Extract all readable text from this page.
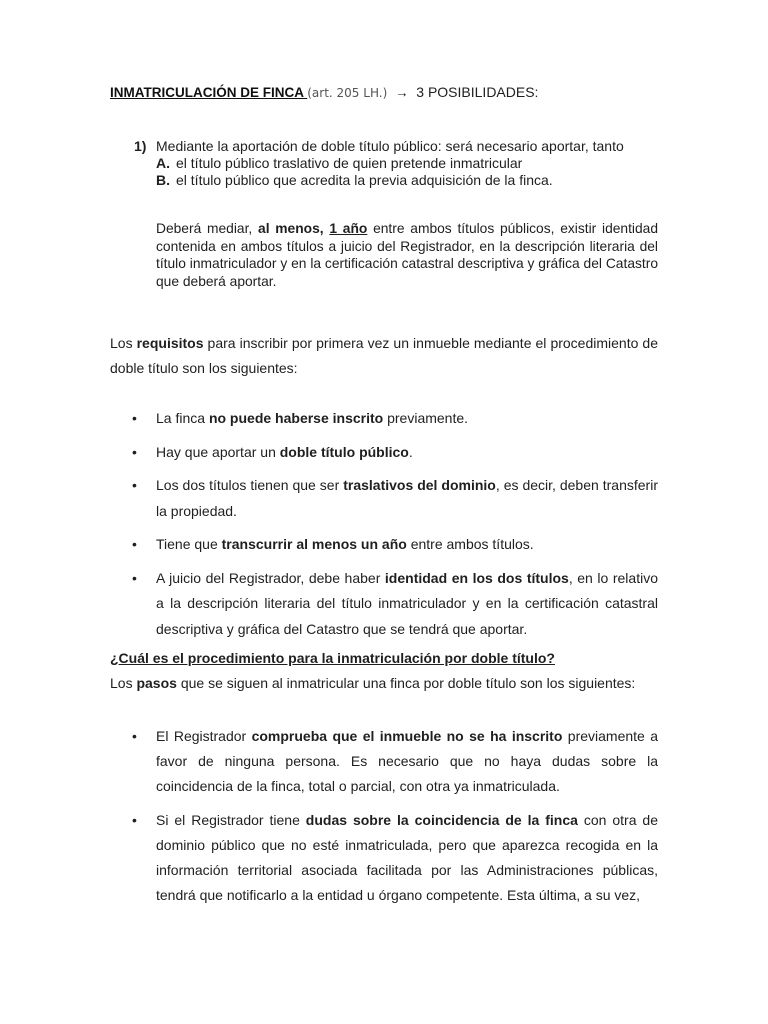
INMATRICULACIÓN DE FINCA (art. 205 LH.) → 3 POSIBILIDADES:
1) Mediante la aportación de doble título público: será necesario aportar, tanto
A. el título público traslativo de quien pretende inmatricular
B. el título público que acredita la previa adquisición de la finca.
Deberá mediar, al menos, 1 año entre ambos títulos públicos, existir identidad contenida en ambos títulos a juicio del Registrador, en la descripción literaria del título inmatriculador y en la certificación catastral descriptiva y gráfica del Catastro que deberá aportar.
Los requisitos para inscribir por primera vez un inmueble mediante el procedimiento de doble título son los siguientes:
• La finca no puede haberse inscrito previamente.
• Hay que aportar un doble título público.
• Los dos títulos tienen que ser traslativos del dominio, es decir, deben transferir la propiedad.
• Tiene que transcurrir al menos un año entre ambos títulos.
• A juicio del Registrador, debe haber identidad en los dos títulos, en lo relativo a la descripción literaria del título inmatriculador y en la certificación catastral descriptiva y gráfica del Catastro que se tendrá que aportar.
¿Cuál es el procedimiento para la inmatriculación por doble título?
Los pasos que se siguen al inmatricular una finca por doble título son los siguientes:
• El Registrador comprueba que el inmueble no se ha inscrito previamente a favor de ninguna persona. Es necesario que no haya dudas sobre la coincidencia de la finca, total o parcial, con otra ya inmatriculada.
• Si el Registrador tiene dudas sobre la coincidencia de la finca con otra de dominio público que no esté inmatriculada, pero que aparezca recogida en la información territorial asociada facilitada por las Administraciones públicas, tendrá que notificarlo a la entidad u órgano competente. Esta última, a su vez,
